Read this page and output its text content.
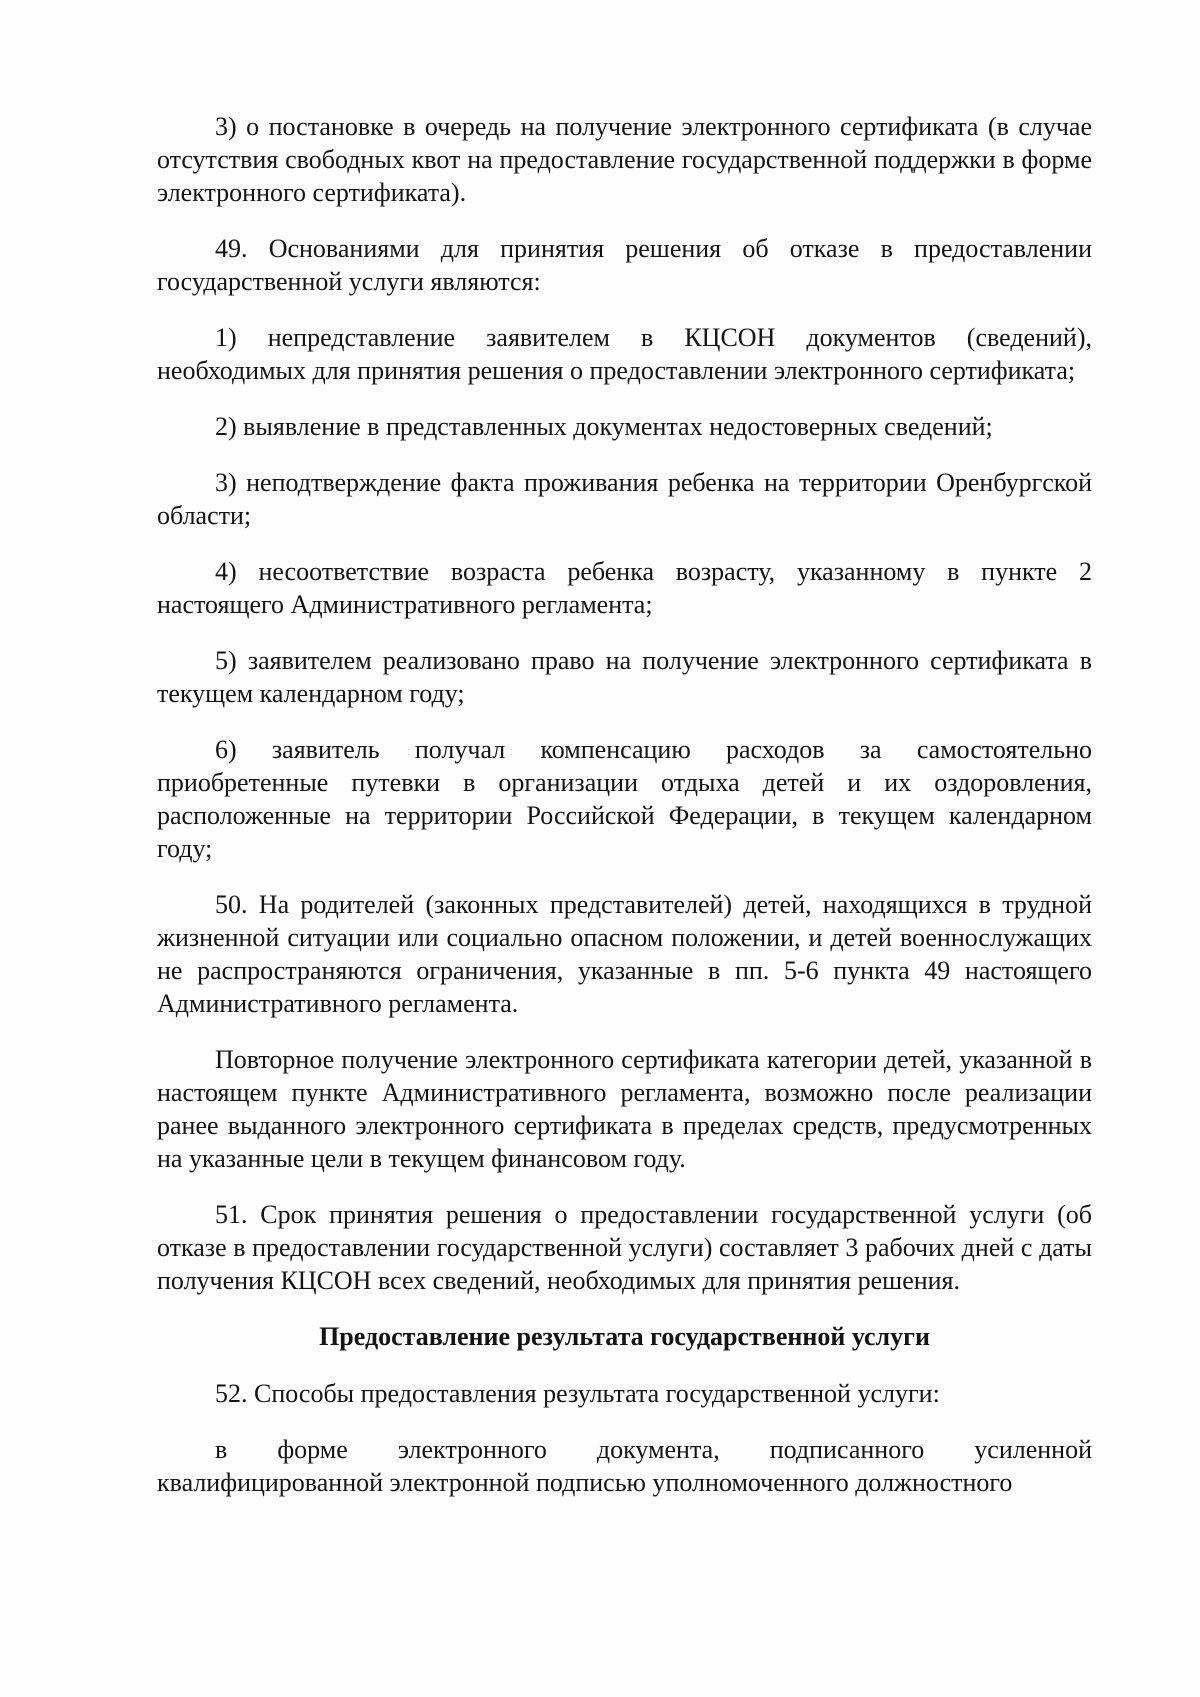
3) о постановке в очередь на получение электронного сертификата (в случае отсутствия свободных квот на предоставление государственной поддержки в форме электронного сертификата).

49. Основаниями для принятия решения об отказе в предоставлении государственной услуги являются:

1) непредставление заявителем в КЦСОН документов (сведений), необходимых для принятия решения о предоставлении электронного сертификата;

2) выявление в представленных документах недостоверных сведений;

3) неподтверждение факта проживания ребенка на территории Оренбургской области;

4) несоответствие возраста ребенка возрасту, указанному в пункте 2 настоящего Административного регламента;

5) заявителем реализовано право на получение электронного сертификата в текущем календарном году;

6) заявитель получал компенсацию расходов за самостоятельно приобретенные путевки в организации отдыха детей и их оздоровления, расположенные на территории Российской Федерации, в текущем календарном году;

50. На родителей (законных представителей) детей, находящихся в трудной жизненной ситуации или социально опасном положении, и детей военнослужащих не распространяются ограничения, указанные в пп. 5-6 пункта 49 настоящего Административного регламента.

Повторное получение электронного сертификата категории детей, указанной в настоящем пункте Административного регламента, возможно после реализации ранее выданного электронного сертификата в пределах средств, предусмотренных на указанные цели в текущем финансовом году.

51. Срок принятия решения о предоставлении государственной услуги (об отказе в предоставлении государственной услуги) составляет 3 рабочих дней с даты получения КЦСОН всех сведений, необходимых для принятия решения.

Предоставление результата государственной услуги

52. Способы предоставления результата государственной услуги:

в форме электронного документа, подписанного усиленной квалифицированной электронной подписью уполномоченного должностного
